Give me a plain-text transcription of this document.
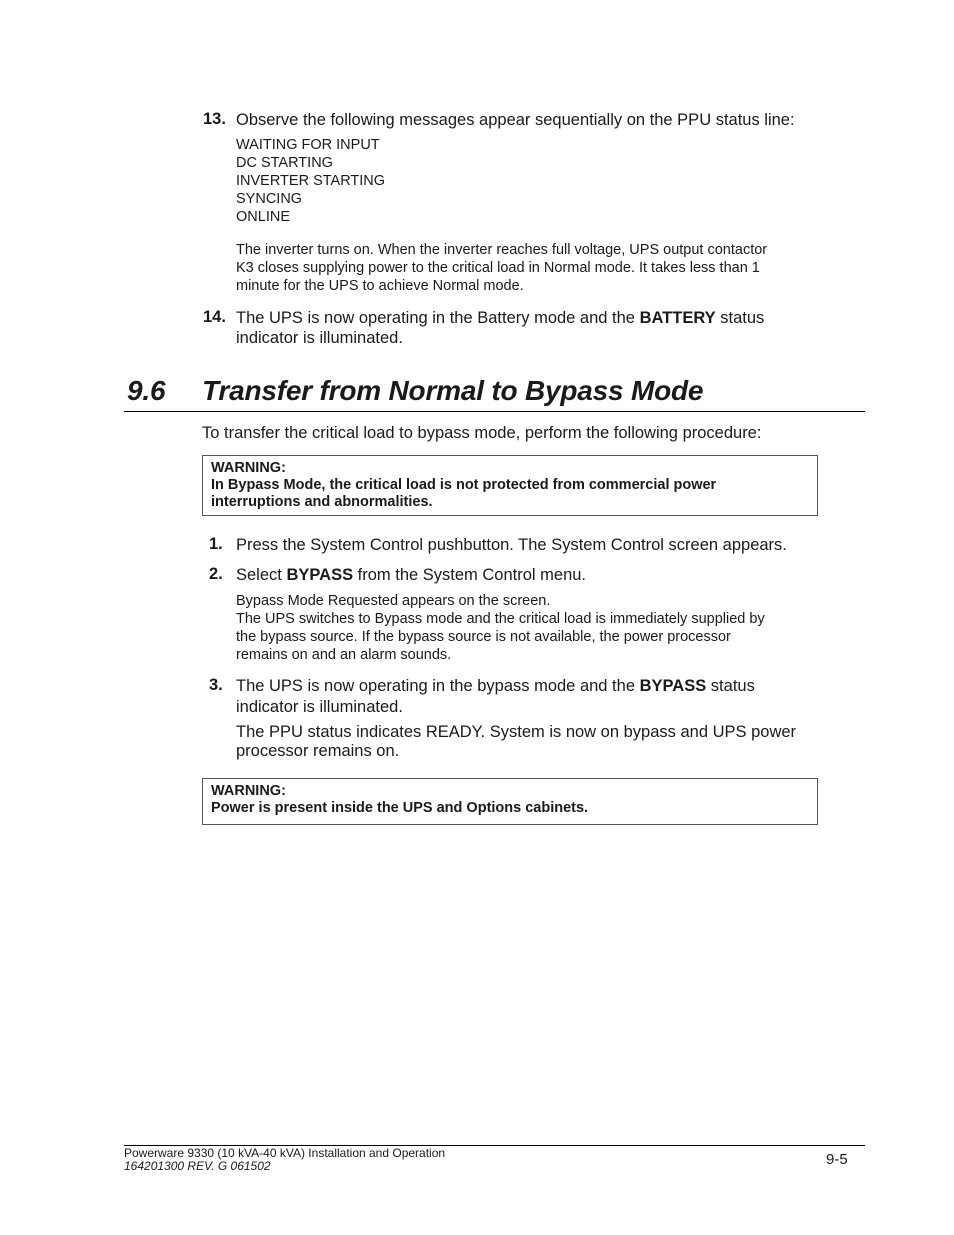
13. Observe the following messages appear sequentially on the PPU status line:
WAITING FOR INPUT
DC STARTING
INVERTER STARTING
SYNCING
ONLINE
The inverter turns on. When the inverter reaches full voltage, UPS output contactor
K3 closes supplying power to the critical load in Normal mode. It takes less than 1
minute for the UPS to achieve Normal mode.
14. The UPS is now operating in the Battery mode and the BATTERY status
indicator is illuminated.
9.6 Transfer from Normal to Bypass Mode
To transfer the critical load to bypass mode, perform the following procedure:
WARNING:
In Bypass Mode, the critical load is not protected from commercial power
interruptions and abnormalities.
1. Press the System Control pushbutton. The System Control screen appears.
2. Select BYPASS from the System Control menu.
Bypass Mode Requested appears on the screen.
The UPS switches to Bypass mode and the critical load is immediately supplied by
the bypass source. If the bypass source is not available, the power processor
remains on and an alarm sounds.
3. The UPS is now operating in the bypass mode and the BYPASS status
indicator is illuminated.
The PPU status indicates READY. System is now on bypass and UPS power
processor remains on.
WARNING:
Power is present inside the UPS and Options cabinets.
Powerware 9330 (10 kVA-40 kVA) Installation and Operation
164201300 REV. G 061502	9-5
